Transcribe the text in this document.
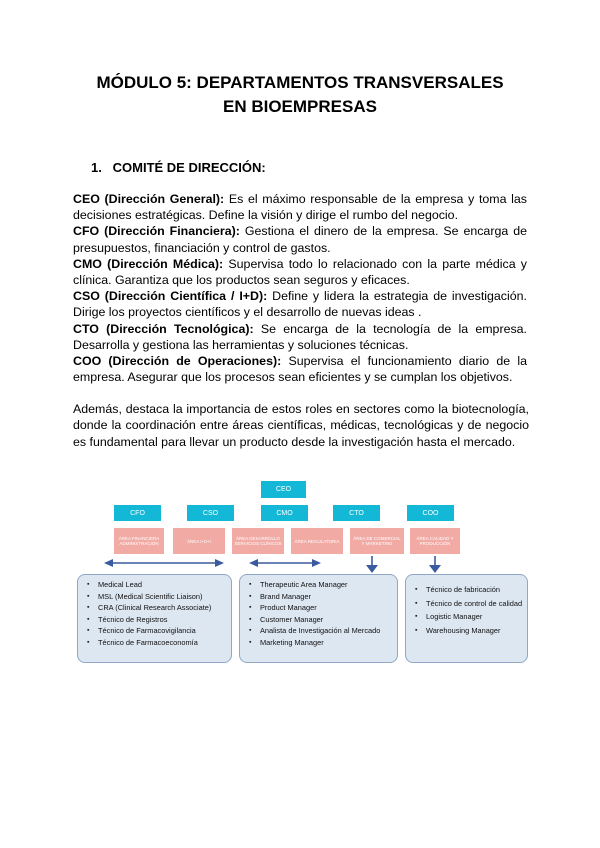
MÓDULO 5: DEPARTAMENTOS TRANSVERSALES
EN BIOEMPRESAS
1. COMITÉ DE DIRECCIÓN:

CEO (Dirección General): Es el máximo responsable de la empresa y toma las decisiones estratégicas. Define la visión y dirige el rumbo del negocio.

CFO (Dirección Financiera): Gestiona el dinero de la empresa. Se encarga de presupuestos, financiación y control de gastos.

CMO (Dirección Médica): Supervisa todo lo relacionado con la parte médica y clínica. Garantiza que los productos sean seguros y eficaces.

CSO (Dirección Científica / I+D): Define y lidera la estrategia de investigación. Dirige los proyectos científicos y el desarrollo de nuevas ideas .

CTO (Dirección Tecnológica): Se encarga de la tecnología de la empresa. Desarrolla y gestiona las herramientas y soluciones técnicas.

COO (Dirección de Operaciones): Supervisa el funcionamiento diario de la empresa. Asegurar que los procesos sean eficientes y se cumplan los objetivos.

Además, destaca la importancia de estos roles en sectores como la biotecnología, donde la coordinación entre áreas científicas, médicas, tecnológicas y de negocio es fundamental para llevar un producto desde la investigación hasta el mercado.

CEO
CFO	CSO	CMO	CTO	COO
ÁREA FINANCIERA ADMINISTRACIÓN	ÁREA I+D+i	ÁREA DESARROLLO SERVICIOS CLÍNICOS	ÁREA REGULATORIA	ÁREA DE COMERCIAL Y MARKETING
ÁREA CALIDAD Y PRODUCCIÓN
▪ Medical Lead
▪ MSL (Medical Scientific Liaison)
▪ CRA (Clinical Research Associate)
▪ Técnico de Registros
▪ Técnico de Farmacovigilancia
▪ Técnico de Farmacoeconomía
▪ Therapeutic Area Manager
▪ Brand Manager
▪ Product Manager
▪ Customer Manager
▪ Analista de Investigación al Mercado
▪ Marketing Manager
▪ Técnico de fabricación
▪ Técnico de control de calidad
▪ Logistic Manager
▪ Warehousing Manager
